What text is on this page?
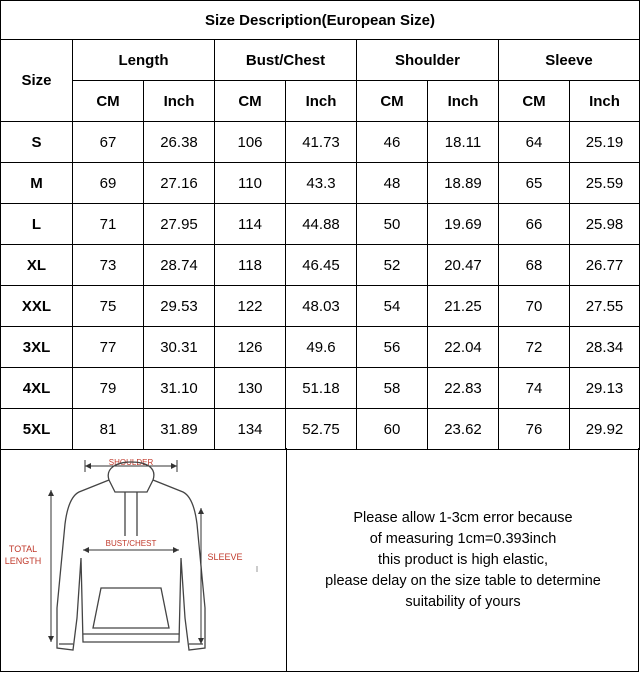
Size Description(European Size)								
Size	Length		Bust/Chest		Shoulder		Sleeve	
	CM	Inch	CM	Inch	CM	Inch	CM	Inch
S	67	26.38	106	41.73	46	18.11	64	25.19
M	69	27.16	110	43.3	48	18.89	65	25.59
L	71	27.95	114	44.88	50	19.69	66	25.98
XL	73	28.74	118	46.45	52	20.47	68	26.77
XXL	75	29.53	122	48.03	54	21.25	70	27.55
3XL	77	30.31	126	49.6	56	22.04	72	28.34
4XL	79	31.10	130	51.18	58	22.83	74	29.13
5XL	81	31.89	134	52.75	60	23.62	76	29.92
SHOULDER
TOTAL
LENGTH
BUST/CHEST
SLEEVE

Please allow 1-3cm error because

of measuring 1cm=0.393inch

this product is high elastic,

please delay on the size table to determine

suitability of yours
